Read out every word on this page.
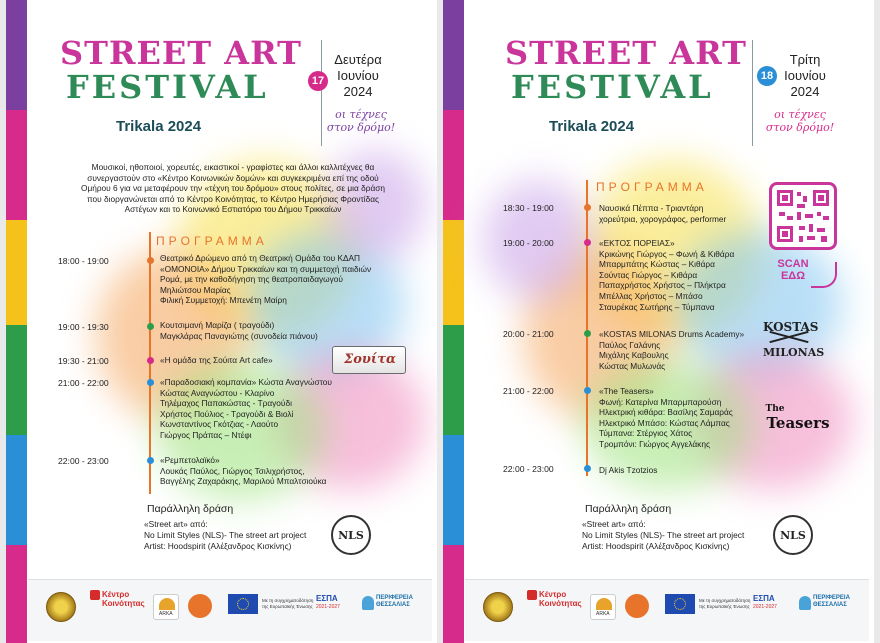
STREET ART
FESTIVAL
Trikala 2024
17
Δευτέρα
Ιουνίου
2024
οι τέχνες
στον δρόμο!
Μουσικοί, ηθοποιοί, χορευτές, εικαστικοί - γραφίστες και άλλοι καλλιτέχνες θα
συνεργαστούν στο «Κέντρο Κοινωνικών δομών» και συγκεκριμένα επί της οδού
Ομήρου 6 για να μεταφέρουν την «τέχνη του δρόμου» στους πολίτες, σε μια δράση
που διοργανώνεται από το Κέντρο Κοινότητας, το Κέντρο Ημερήσιας Φροντίδας
Αστέγων και το Κοινωνικό Εστιατόριο του Δήμου Τρικκαίων
ΠΡΟΓΡΑΜΜΑ
18:00 - 19:00	Θεατρικό Δρώμενο από τη Θεατρική Ομάδα του ΚΔΑΠ
«ΟΜΟΝΟΙΑ» Δήμου Τρικκαίων και τη συμμετοχή παιδιών
Ρομά, με την καθοδήγηση της θεατροπαιδαγωγού
Μηλιώτσου Μαρίας
Φιλική Συμμετοχή: Μπενέτη Μαίρη
19:00 - 19:30	Κουτσιμανή Μαρίζα ( τραγούδι)
Μαγκλάρας Παναγιώτης (συνοδεία πιάνου)
19:30 - 21:00	«Η ομάδα της Σούιτα Art cafe»	Σουίτα
21:00 - 22:00	«Παραδοσιακή κομπανία» Κώστα Αναγνώστου
Κώστας Αναγνώστου - Κλαρίνο
Τηλέμαχος Παπακώστας - Τραγούδι
Χρήστος Πούλιος - Τραγούδι & Βιολί
Κωνσταντίνος Γκότζιας - Λαούτο
Γιώργος Πράπας – Ντέφι
22:00 - 23:00	«Ρεμπετολαϊκό»
Λουκάς Παύλος, Γιώργος Τσιλιχρήστος,
Βαγγέλης Ζαχαράκης, Μαριλού Μπαλτσιούκα
Παράλληλη δράση
«Street art» από:
No Limit Styles (NLS)- The street art project
Artist: Hoodspirit (Αλέξανδρος Κισκίνης)
NLS
Κέντρο
Κοινότητας
ARKA
Με τη συγχρηματοδότηση
της Ευρωπαϊκής Ένωσης
ΕΣΠΑ
2021-2027
ΠΕΡΙΦΕΡΕΙΑ
ΘΕΣΣΑΛΙΑΣ
STREET ART
FESTIVAL
Trikala 2024
18
Τρίτη
Ιουνίου
2024
οι τέχνες
στον δρόμο!
ΠΡΟΓΡΑΜΜΑ
18:30 - 19:00	Ναυσικά Πέππα - Τριαντάρη
χορεύτρια, χορογράφος, performer
19:00 - 20:00	«ΕΚΤΟΣ ΠΟΡΕΙΑΣ»
Κρικώνης Γιώργος – Φωνή & Κιθάρα
Μπαρμπάτης Κώστας – Κιθάρα
Σούντας Γιώργος – Κιθάρα
Παπαχρήστος Χρήστος – Πλήκτρα
Μπέλλας Χρήστος – Μπάσο
Σταυρέκας Σωτήρης – Τύμπανα
20:00 - 21:00	«ΚOSTAS MILONAS Drums Academy»
Παύλος Γαλάνης
Μιχάλης Καβουλης
Κώστας Μυλωνάς
21:00 - 22:00	«The Teasers»
Φωνή: Κατερίνα Μπαρμπαρούση
Ηλεκτρική κιθάρα: Βασίλης Σαμαράς
Ηλεκτρικό Μπάσο: Κώστας Λάμπας
Τύμπανα: Στέργιος Χάτος
Τρομπόνι: Γιώργος Αγγελάκης
22:00 - 23:00	Dj Akis Tzotzios
SCAN
ΕΔΩ
KOSTAS
MILONAS
The
Teasers
Παράλληλη δράση
«Street art» από:
No Limit Styles (NLS)- The street art project
Artist: Hoodspirit (Αλέξανδρος Κισκίνης)
NLS
Κέντρο
Κοινότητας
ARKA
Με τη συγχρηματοδότηση
της Ευρωπαϊκής Ένωσης
ΕΣΠΑ
2021-2027
ΠΕΡΙΦΕΡΕΙΑ
ΘΕΣΣΑΛΙΑΣ
